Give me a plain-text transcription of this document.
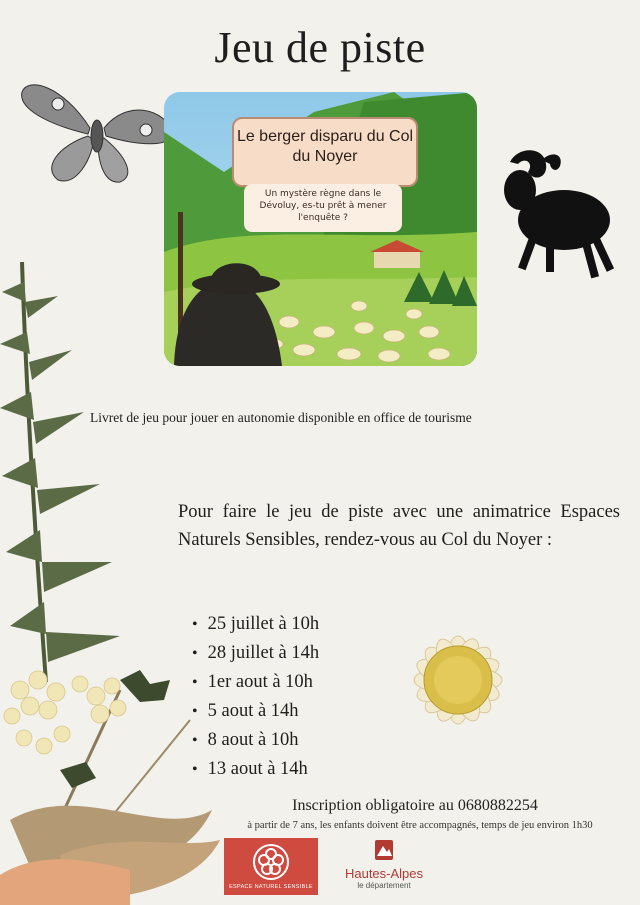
Jeu de piste
Le berger disparu du Col du Noyer
Un mystère règne dans le Dévoluy, es-tu prêt à mener l'enquête ?
Livret de jeu pour jouer en autonomie disponible en office de tourisme
Pour faire le jeu de piste avec une animatrice Espaces Naturels Sensibles, rendez-vous au Col du Noyer :
• 25 juillet à 10h
• 28 juillet à 14h
• 1er aout à 10h
• 5 aout à 14h
• 8 aout à 10h
• 13 aout à 14h
Inscription obligatoire au 0680882254
à partir de 7 ans, les enfants doivent être accompagnés, temps de jeu environ 1h30
ESPACE NATUREL SENSIBLE
Hautes-Alpes
le département
